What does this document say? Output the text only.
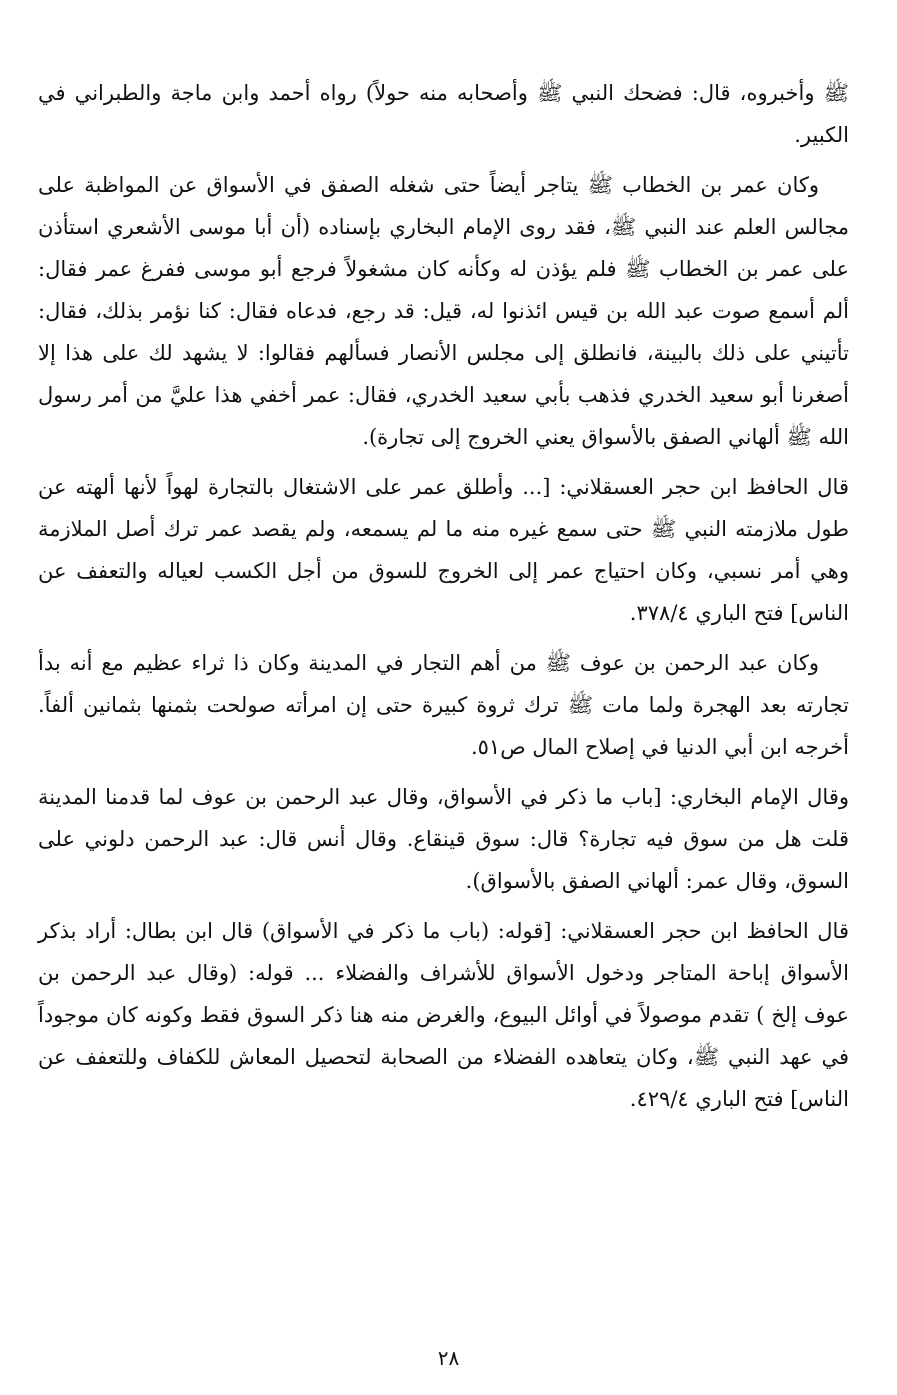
ﷺ وأخبروه، قال: فضحك النبي ﷺ وأصحابه منه حولاً) رواه أحمد وابن ماجة والطبراني في الكبير.

وكان عمر بن الخطاب ﷺ يتاجر أيضاً حتى شغله الصفق في الأسواق عن المواظبة على مجالس العلم عند النبي ﷺ، فقد روى الإمام البخاري بإسناده (أن أبا موسى الأشعري استأذن على عمر بن الخطاب ﷺ فلم يؤذن له وكأنه كان مشغولاً فرجع أبو موسى ففرغ عمر فقال: ألم أسمع صوت عبد الله بن قيس ائذنوا له، قيل: قد رجع، فدعاه فقال: كنا نؤمر بذلك، فقال: تأتيني على ذلك بالبينة، فانطلق إلى مجلس الأنصار فسألهم فقالوا: لا يشهد لك على هذا إلا أصغرنا أبو سعيد الخدري فذهب بأبي سعيد الخدري، فقال: عمر أخفي هذا عليَّ من أمر رسول الله ﷺ ألهاني الصفق بالأسواق يعني الخروج إلى تجارة).

قال الحافظ ابن حجر العسقلاني: [... وأطلق عمر على الاشتغال بالتجارة لهواً لأنها ألهته عن طول ملازمته النبي ﷺ حتى سمع غيره منه ما لم يسمعه، ولم يقصد عمر ترك أصل الملازمة وهي أمر نسبي، وكان احتياج عمر إلى الخروج للسوق من أجل الكسب لعياله والتعفف عن الناس] فتح الباري ٣٧٨/٤.

وكان عبد الرحمن بن عوف ﷺ من أهم التجار في المدينة وكان ذا ثراء عظيم مع أنه بدأ تجارته بعد الهجرة ولما مات ﷺ ترك ثروة كبيرة حتى إن امرأته صولحت بثمنها بثمانين ألفاً. أخرجه ابن أبي الدنيا في إصلاح المال ص٥١.

وقال الإمام البخاري: [باب ما ذكر في الأسواق، وقال عبد الرحمن بن عوف لما قدمنا المدينة قلت هل من سوق فيه تجارة؟ قال: سوق قينقاع. وقال أنس قال: عبد الرحمن دلوني على السوق، وقال عمر: ألهاني الصفق بالأسواق).

قال الحافظ ابن حجر العسقلاني: [قوله: (باب ما ذكر في الأسواق) قال ابن بطال: أراد بذكر الأسواق إباحة المتاجر ودخول الأسواق للأشراف والفضلاء ... قوله: (وقال عبد الرحمن بن عوف إلخ ) تقدم موصولاً في أوائل البيوع، والغرض منه هنا ذكر السوق فقط وكونه كان موجوداً في عهد النبي ﷺ، وكان يتعاهده الفضلاء من الصحابة لتحصيل المعاش للكفاف وللتعفف عن الناس] فتح الباري ٤٢٩/٤.

٢٨
